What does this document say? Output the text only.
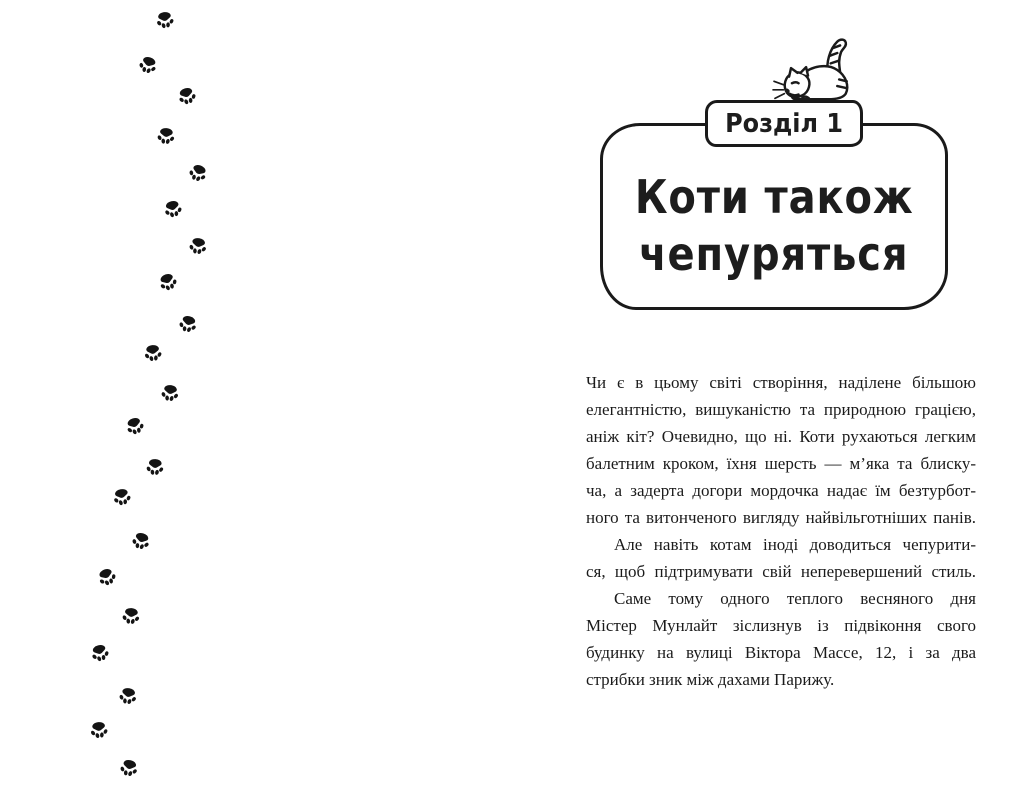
Коти також
чепуряться
Розділ 1

Чи є в цьому світі створіння, наділене більшою
елегантністю, вишуканістю та природною грацією,
аніж кіт? Очевидно, що ні. Коти рухаються легким
балетним кроком, їхня шерсть — м’яка та блиску-
ча, а задерта догори мордочка надає їм безтурбот-
ного та витонченого вигляду найвільготніших панів.

Але навіть котам іноді доводиться чепурити-
ся, щоб підтримувати свій неперевершений стиль.

Саме тому одного теплого весняного дня
Містер Мунлайт зіслизнув із підвіконня свого
будинку на вулиці Віктора Массе, 12, і за два
стрибки зник між дахами Парижу.
